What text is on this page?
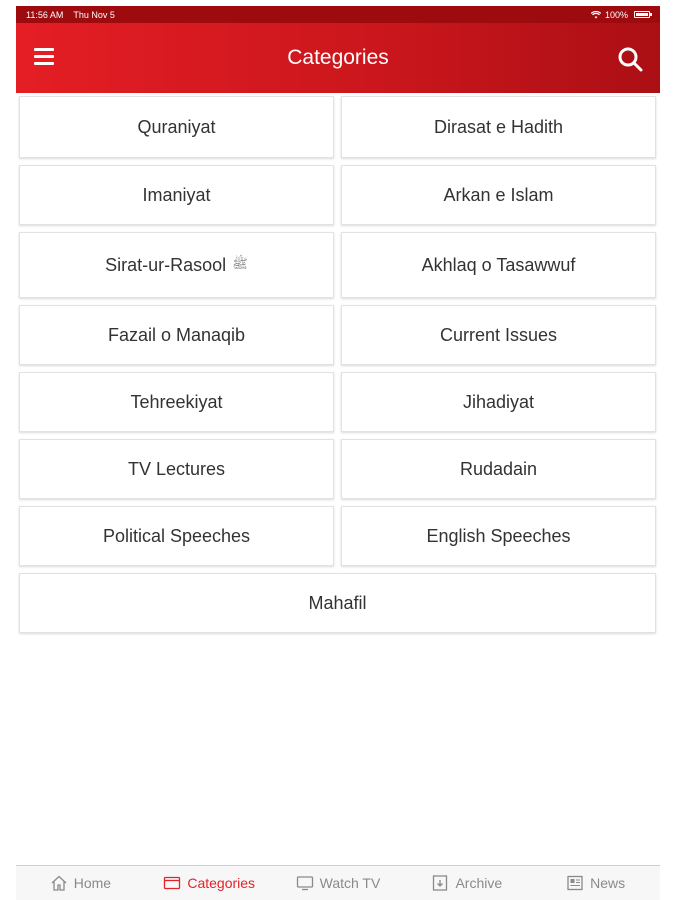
11:56 AM Thu Nov 5	100%
Categories
Quraniyat	Dirasat e Hadith
Imaniyat	Arkan e Islam
Sirat-ur-Rasool ﷺ	Akhlaq o Tasawwuf
Fazail o Manaqib	Current Issues
Tehreekiyat	Jihadiyat
TV Lectures	Rudadain
Political Speeches	English Speeches
Mahafil
Home	Categories	Watch TV	Archive	News
